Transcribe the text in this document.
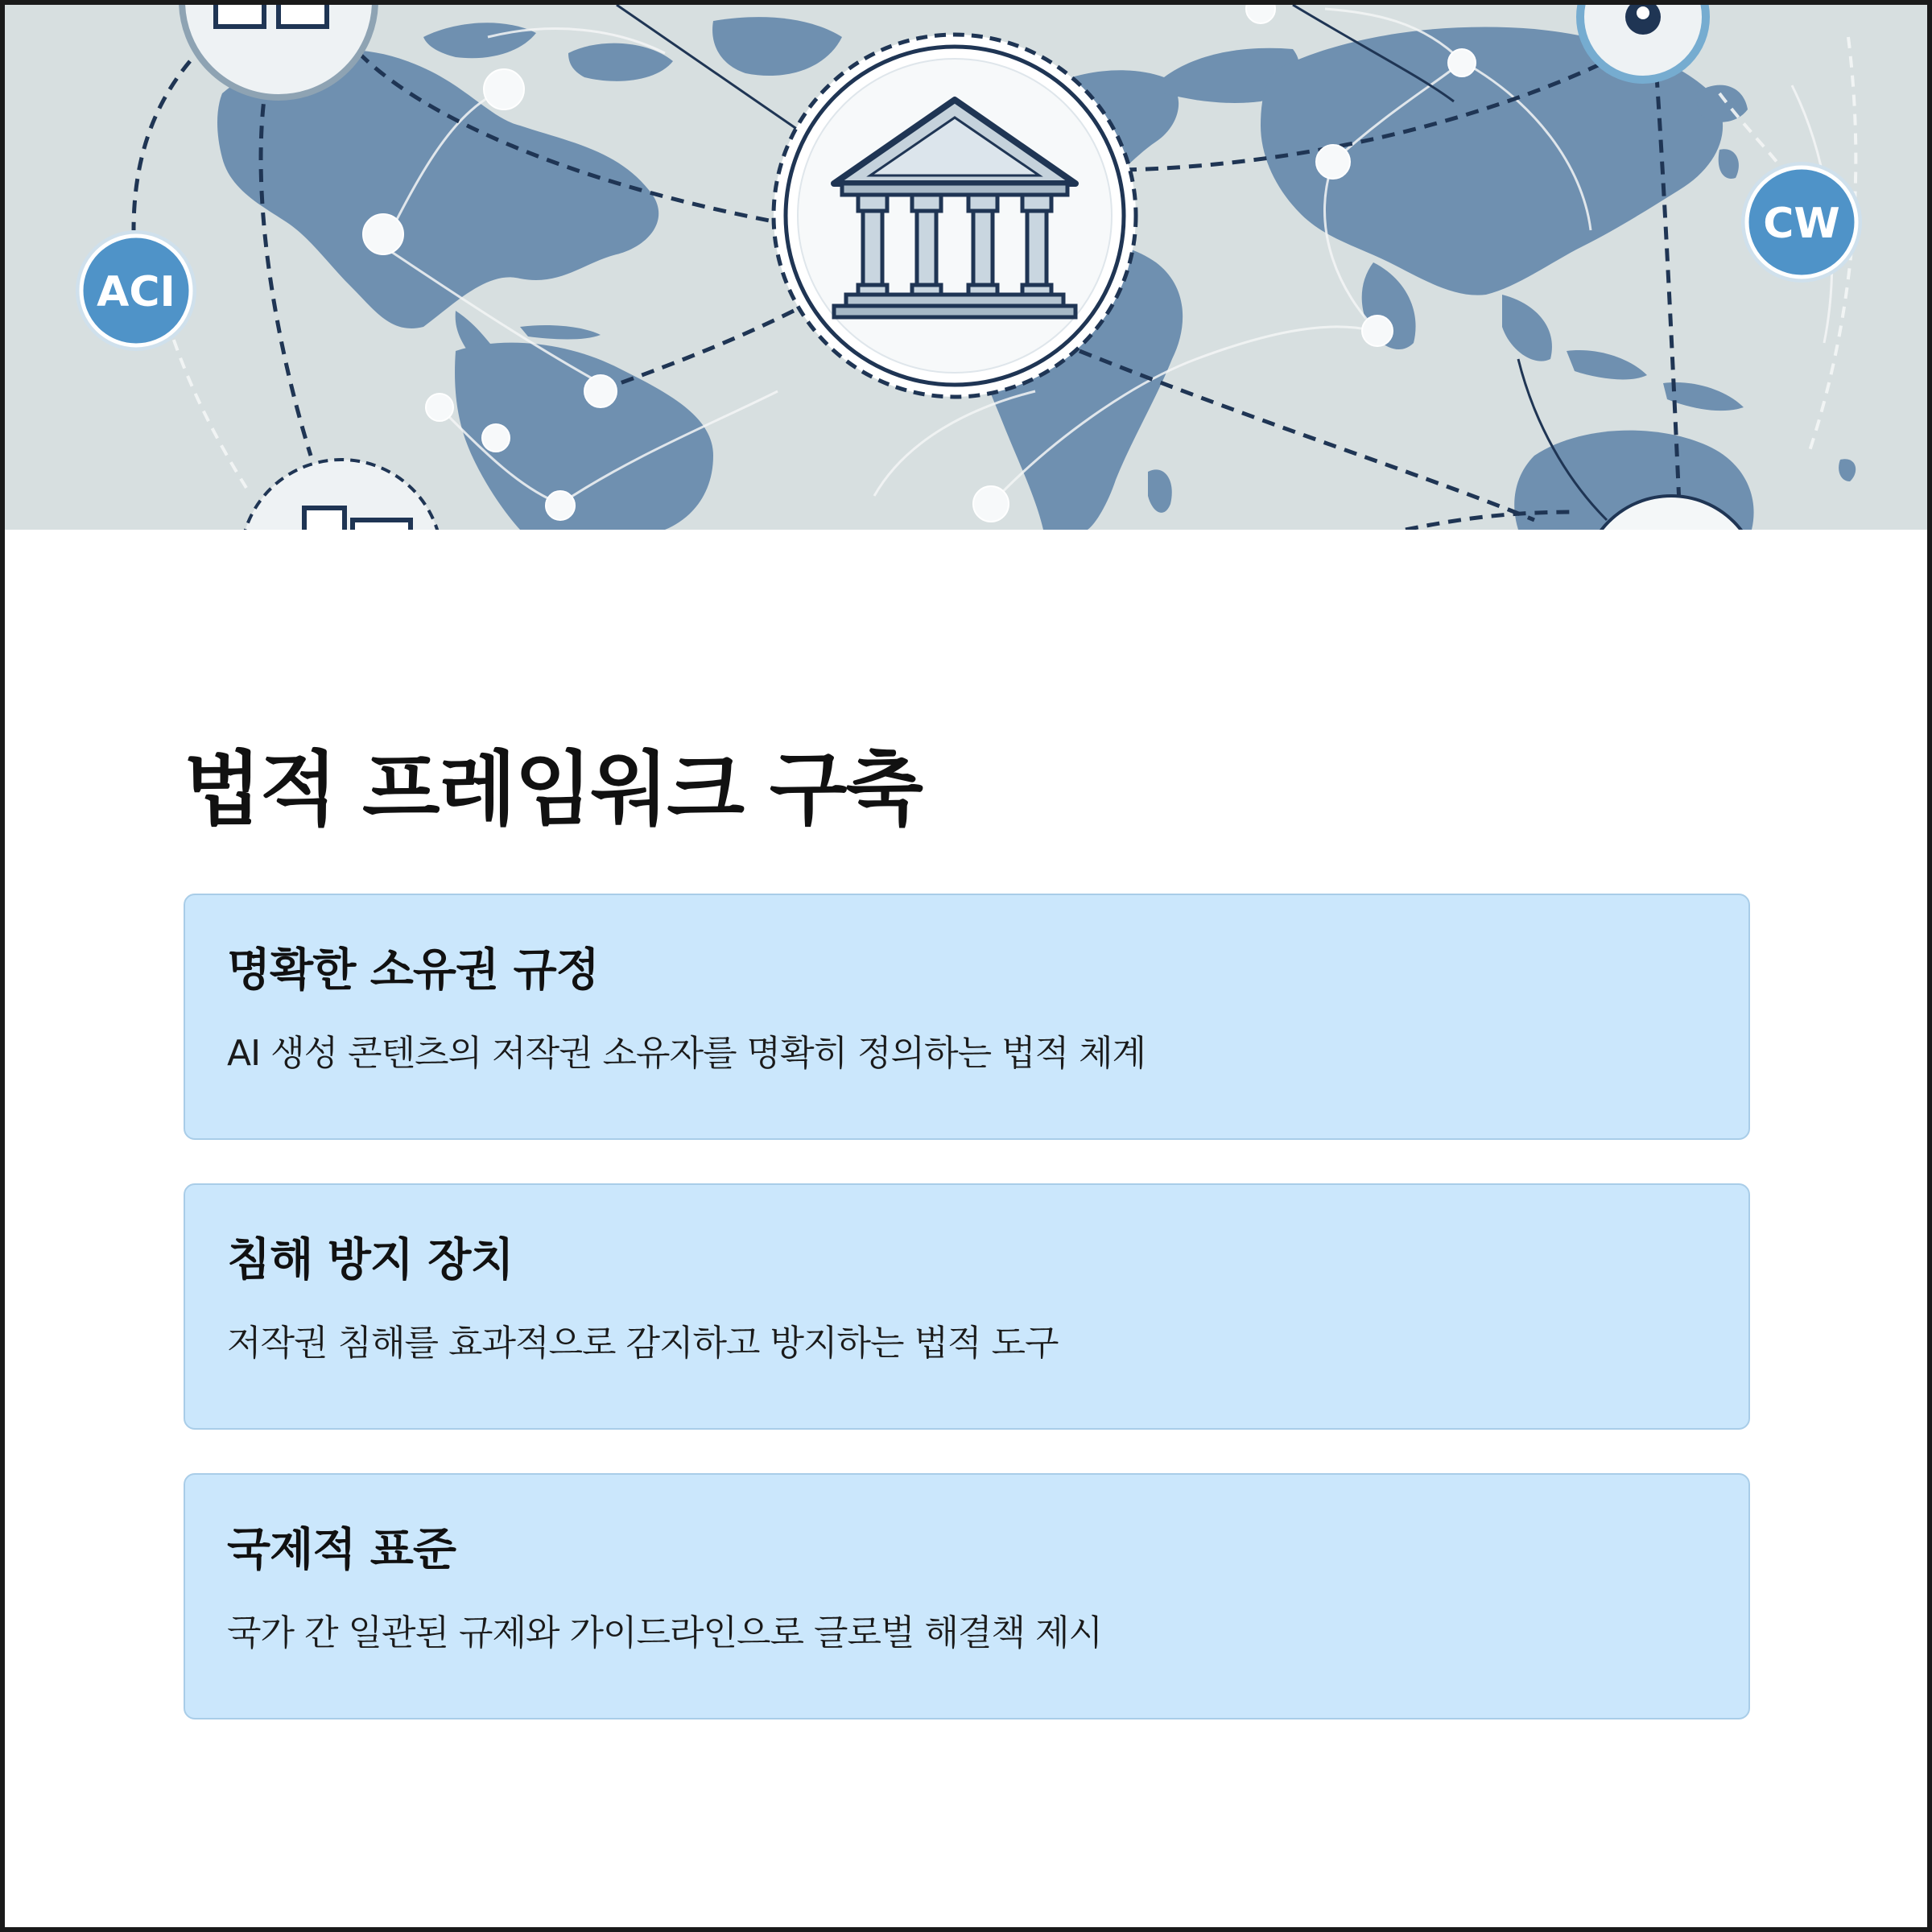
ACI
CW
법적 프레임워크 구축
명확한 소유권 규정

AI 생성 콘텐츠의 저작권 소유자를 명확히 정의하는 법적 체계

침해 방지 장치

저작권 침해를 효과적으로 감지하고 방지하는 법적 도구

국제적 표준

국가 간 일관된 규제와 가이드라인으로 글로벌 해결책 제시
